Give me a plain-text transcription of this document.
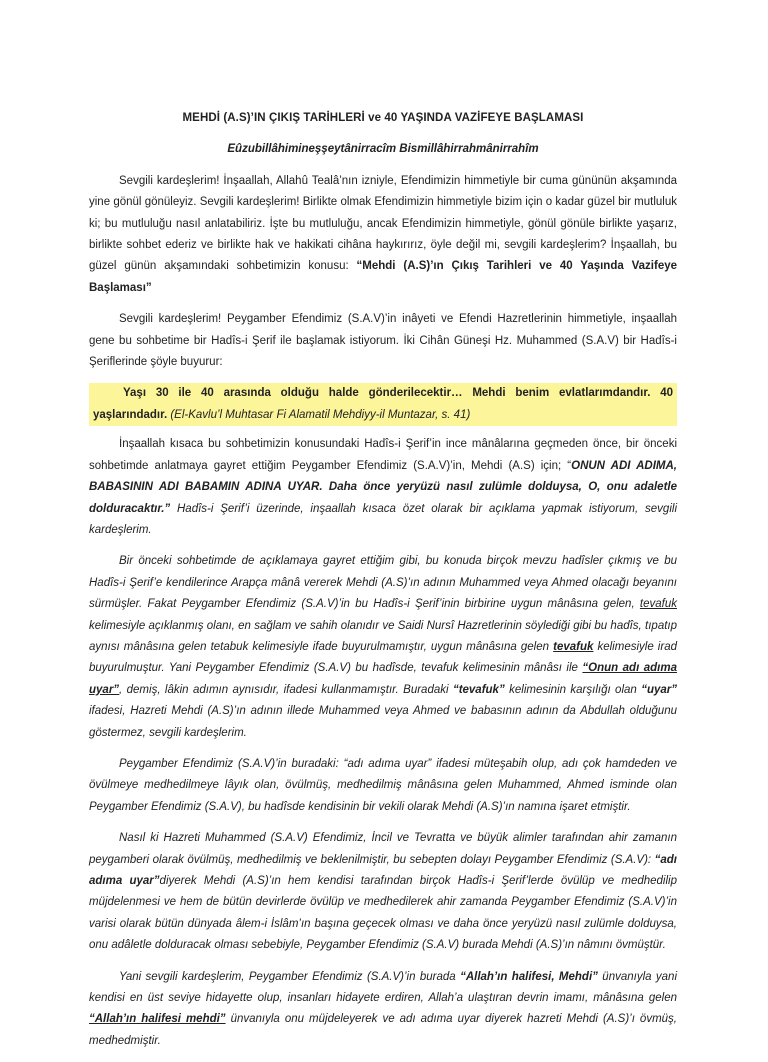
MEHDİ (A.S)’IN ÇIKIŞ TARİHLERİ ve 40 YAŞINDA VAZİFEYE BAŞLAMASI
Eûzubillâhimineşşeytânirracîm Bismillâhirrahmânirrahîm

Sevgili kardeşlerim! İnşaallah, Allahû Tealâ’nın izniyle, Efendimizin himmetiyle bir cuma gününün akşamında yine gönül gönüleyiz. Sevgili kardeşlerim! Birlikte olmak Efendimizin himmetiyle bizim için o kadar güzel bir mutluluk ki; bu mutluluğu nasıl anlatabiliriz. İşte bu mutluluğu, ancak Efendimizin himmetiyle, gönül gönüle birlikte yaşarız, birlikte sohbet ederiz ve birlikte hak ve hakikati cihâna haykırırız, öyle değil mi, sevgili kardeşlerim? İnşaallah, bu güzel günün akşamındaki sohbetimizin konusu: “Mehdi (A.S)’ın Çıkış Tarihleri ve 40 Yaşında Vazifeye Başlaması”

Sevgili kardeşlerim! Peygamber Efendimiz (S.A.V)’in inâyeti ve Efendi Hazretlerinin himmetiyle, inşaallah gene bu sohbetime bir Hadîs-i Şerif ile başlamak istiyorum. İki Cihân Güneşi Hz. Muhammed (S.A.V) bir Hadîs-i Şeriflerinde şöyle buyurur:

Yaşı 30 ile 40 arasında olduğu halde gönderilecektir… Mehdi benim evlatlarımdandır. 40 yaşlarındadır. (El-Kavlu’l Muhtasar Fi Alamatil Mehdiyy-il Muntazar, s. 41)

İnşaallah kısaca bu sohbetimizin konusundaki Hadîs-i Şerif’in ince mânâlarına geçmeden önce, bir önceki sohbetimde anlatmaya gayret ettiğim Peygamber Efendimiz (S.A.V)’in, Mehdi (A.S) için; “ONUN ADI ADIMA, BABASININ ADI BABAMIN ADINA UYAR. Daha önce yeryüzü nasıl zulümle dolduysa, O, onu adaletle dolduracaktır.” Hadîs-i Şerif’i üzerinde, inşaallah kısaca özet olarak bir açıklama yapmak istiyorum, sevgili kardeşlerim.

Bir önceki sohbetimde de açıklamaya gayret ettiğim gibi, bu konuda birçok mevzu hadîsler çıkmış ve bu Hadîs-i Şerif’e kendilerince Arapça mânâ vererek Mehdi (A.S)’ın adının Muhammed veya Ahmed olacağı beyanını sürmüşler. Fakat Peygamber Efendimiz (S.A.V)’in bu Hadîs-i Şerif’inin birbirine uygun mânâsına gelen, tevafuk kelimesiyle açıklanmış olanı, en sağlam ve sahih olanıdır ve Saidi Nursî Hazretlerinin söylediği gibi bu hadîs, tıpatıp aynısı mânâsına gelen tetabuk kelimesiyle ifade buyurulmamıştır, uygun mânâsına gelen tevafuk kelimesiyle irad buyurulmuştur. Yani Peygamber Efendimiz (S.A.V) bu hadîsde, tevafuk kelimesinin mânâsı ile “Onun adı adıma uyar”, demiş, lâkin adımın aynısıdır, ifadesi kullanmamıştır. Buradaki “tevafuk” kelimesinin karşılığı olan “uyar” ifadesi, Hazreti Mehdi (A.S)’ın adının illede Muhammed veya Ahmed ve babasının adının da Abdullah olduğunu göstermez, sevgili kardeşlerim.

Peygamber Efendimiz (S.A.V)’in buradaki: “adı adıma uyar” ifadesi müteşabih olup, adı çok hamdeden ve övülmeye medhedilmeye lâyık olan, övülmüş, medhedilmiş mânâsına gelen Muhammed, Ahmed isminde olan Peygamber Efendimiz (S.A.V), bu hadîsde kendisinin bir vekili olarak Mehdi (A.S)’ın namına işaret etmiştir.

Nasıl ki Hazreti Muhammed (S.A.V) Efendimiz, İncil ve Tevratta ve büyük alimler tarafından ahir zamanın peygamberi olarak övülmüş, medhedilmiş ve beklenilmiştir, bu sebepten dolayı Peygamber Efendimiz (S.A.V): “adı adıma uyar”diyerek Mehdi (A.S)’ın hem kendisi tarafından birçok Hadîs-i Şerif’lerde övülüp ve medhedilip müjdelenmesi ve hem de bütün devirlerde övülüp ve medhedilerek ahir zamanda Peygamber Efendimiz (S.A.V)’in varisi olarak bütün dünyada âlem-i İslâm’ın başına geçecek olması ve daha önce yeryüzü nasıl zulümle dolduysa, onu adâletle dolduracak olması sebebiyle, Peygamber Efendimiz (S.A.V) burada Mehdi (A.S)’ın nâmını övmüştür.

Yani sevgili kardeşlerim, Peygamber Efendimiz (S.A.V)’in burada “Allah’ın halifesi, Mehdi” ünvanıyla yani kendisi en üst seviye hidayette olup, insanları hidayete erdiren, Allah’a ulaştıran devrin imamı, mânâsına gelen “Allah’ın halifesi mehdi” ünvanıyla onu müjdeleyerek ve adı adıma uyar diyerek hazreti Mehdi (A.S)’ı övmüş, medhedmiştir.
